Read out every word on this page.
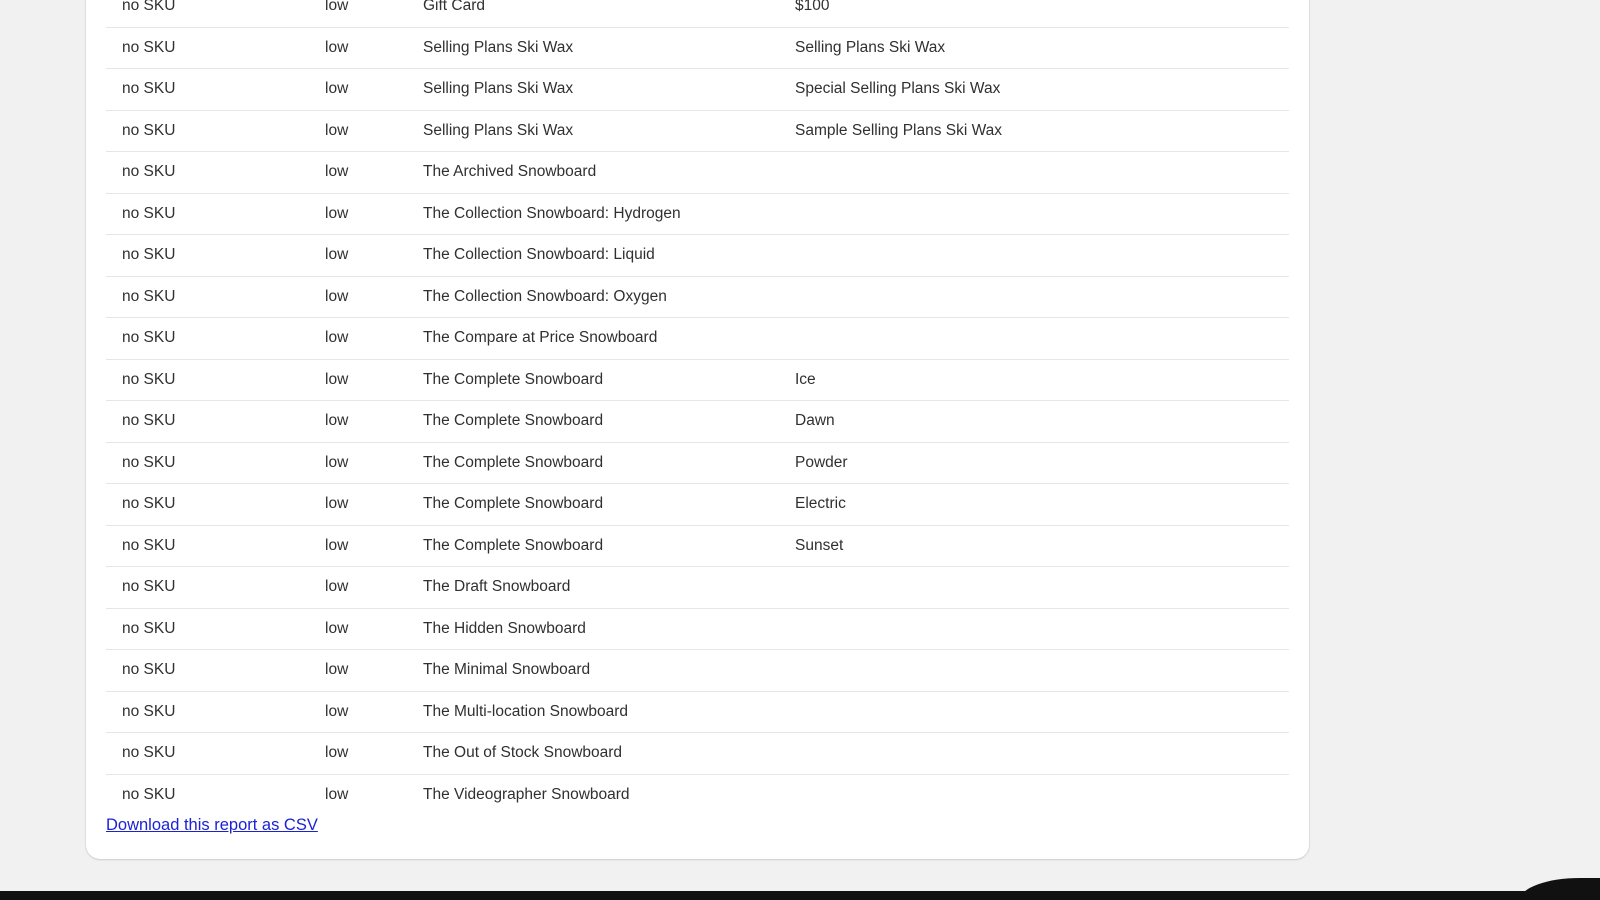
no SKU	low	Gift Card	$100
no SKU	low	Selling Plans Ski Wax	Selling Plans Ski Wax
no SKU	low	Selling Plans Ski Wax	Special Selling Plans Ski Wax
no SKU	low	Selling Plans Ski Wax	Sample Selling Plans Ski Wax
no SKU	low	The Archived Snowboard	
no SKU	low	The Collection Snowboard: Hydrogen	
no SKU	low	The Collection Snowboard: Liquid	
no SKU	low	The Collection Snowboard: Oxygen	
no SKU	low	The Compare at Price Snowboard	
no SKU	low	The Complete Snowboard	Ice
no SKU	low	The Complete Snowboard	Dawn
no SKU	low	The Complete Snowboard	Powder
no SKU	low	The Complete Snowboard	Electric
no SKU	low	The Complete Snowboard	Sunset
no SKU	low	The Draft Snowboard	
no SKU	low	The Hidden Snowboard	
no SKU	low	The Minimal Snowboard	
no SKU	low	The Multi-location Snowboard	
no SKU	low	The Out of Stock Snowboard	
no SKU	low	The Videographer Snowboard	
Download this report as CSV
